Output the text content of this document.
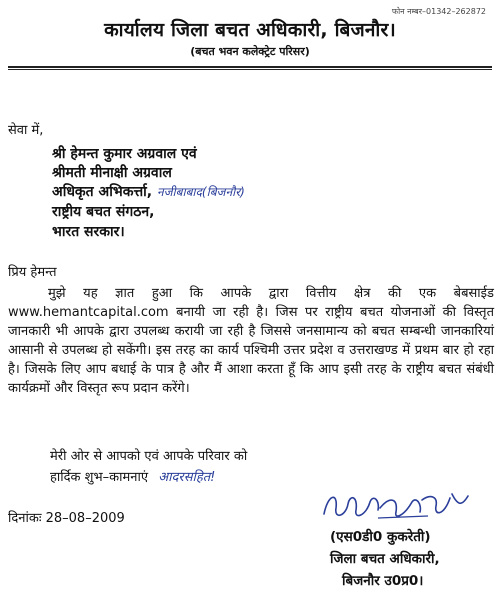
फोन नम्बर–01342–262872
कार्यालय जिला बचत अधिकारी, बिजनौर।
(बचत भवन कलेक्ट्रेट परिसर)
सेवा में,
श्री हेमन्त कुमार अग्रवाल एवं
श्रीमती मीनाक्षी अग्रवाल
अधिकृत अभिकर्त्ता, नजीबाबाद(बिजनौर)
राष्ट्रीय बचत संगठन,
भारत सरकार।
प्रिय हेमन्त

मुझे यह ज्ञात हुआ कि आपके द्वारा वित्तीय क्षेत्र की एक बेबसाईड www.hemantcapital.com बनायी जा रही है। जिस पर राष्ट्रीय बचत योजनाओं की विस्तृत जानकारी भी आपके द्वारा उपलब्ध करायी जा रही है जिससे जनसामान्य को बचत सम्बन्धी जानकारियां आसानी से उपलब्ध हो सकेंगी। इस तरह का कार्य पश्चिमी उत्तर प्रदेश व उत्तराखण्ड में प्रथम बार हो रहा है। जिसके लिए आप बधाई के पात्र है और मैं आशा करता हूँ कि आप इसी तरह के राष्ट्रीय बचत संबंधी कार्यक्रमों और विस्तृत रूप प्रदान करेंगे।

मेरी ओर से आपको एवं आपके परिवार को
हार्दिक शुभ–कामनाएं आदरसहित!
दिनांकः 28–08–2009
(एस0डी0 कुकरेती)
जिला बचत अधिकारी,
बिजनौर उ0प्र0।
